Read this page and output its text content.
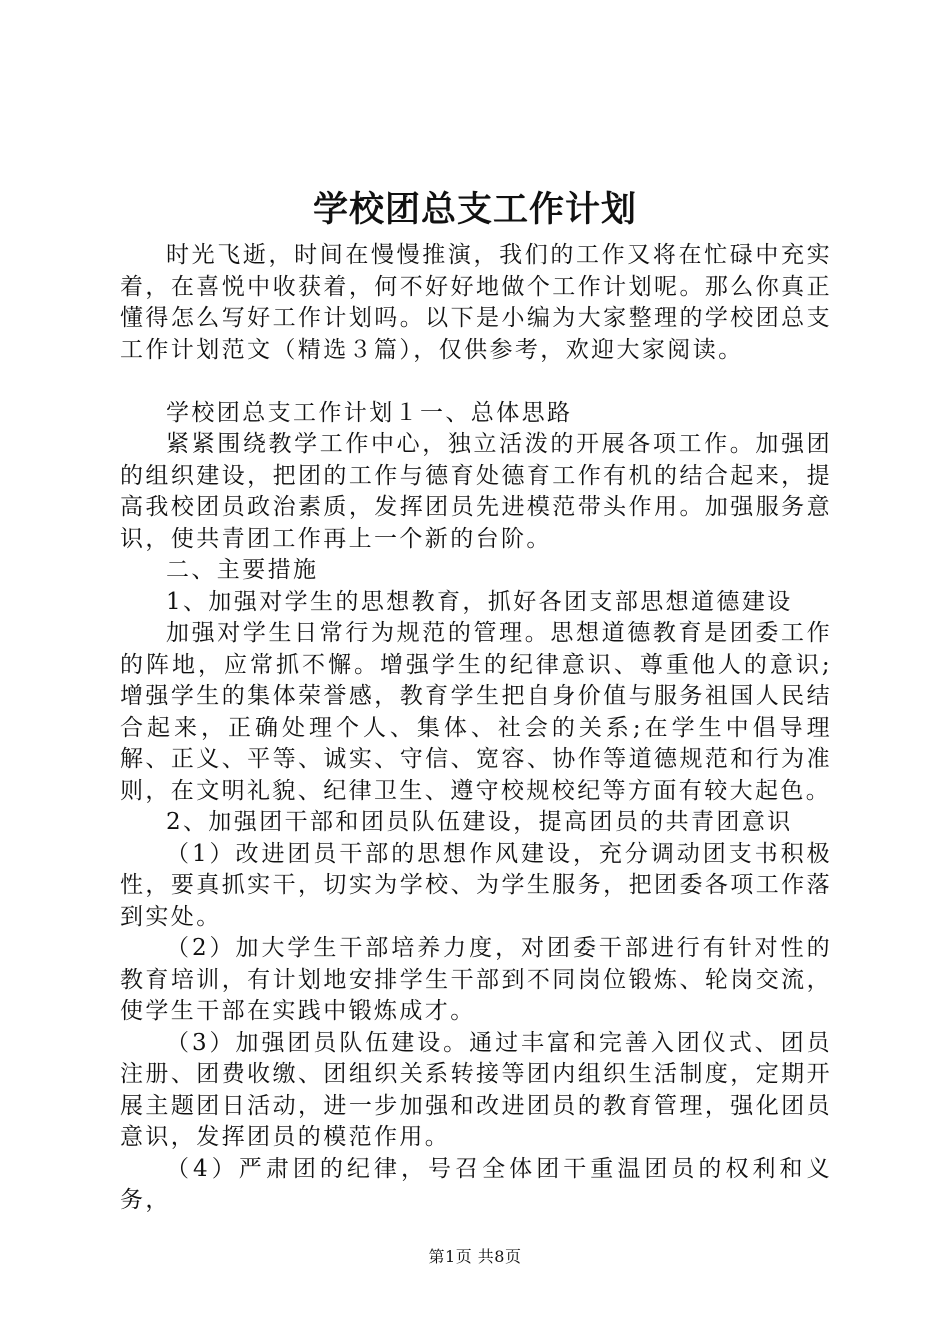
学校团总支工作计划

时光飞逝，时间在慢慢推演，我们的工作又将在忙碌中充实着，在喜悦中收获着，何不好好地做个工作计划呢。那么你真正懂得怎么写好工作计划吗。以下是小编为大家整理的学校团总支工作计划范文（精选３篇），仅供参考，欢迎大家阅读。

学校团总支工作计划１一、总体思路

紧紧围绕教学工作中心，独立活泼的开展各项工作。加强团的组织建设，把团的工作与德育处德育工作有机的结合起来，提高我校团员政治素质，发挥团员先进模范带头作用。加强服务意识，使共青团工作再上一个新的台阶。

二、主要措施

1、加强对学生的思想教育，抓好各团支部思想道德建设

加强对学生日常行为规范的管理。思想道德教育是团委工作的阵地，应常抓不懈。增强学生的纪律意识、尊重他人的意识;增强学生的集体荣誉感，教育学生把自身价值与服务祖国人民结合起来，正确处理个人、集体、社会的关系;在学生中倡导理解、正义、平等、诚实、守信、宽容、协作等道德规范和行为准则，在文明礼貌、纪律卫生、遵守校规校纪等方面有较大起色。

2、加强团干部和团员队伍建设，提高团员的共青团意识

（1）改进团员干部的思想作风建设，充分调动团支书积极性，要真抓实干，切实为学校、为学生服务，把团委各项工作落到实处。

（2）加大学生干部培养力度，对团委干部进行有针对性的教育培训，有计划地安排学生干部到不同岗位锻炼、轮岗交流，使学生干部在实践中锻炼成才。

（3）加强团员队伍建设。通过丰富和完善入团仪式、团员注册、团费收缴、团组织关系转接等团内组织生活制度，定期开展主题团日活动，进一步加强和改进团员的教育管理，强化团员意识，发挥团员的模范作用。

（4）严肃团的纪律，号召全体团干重温团员的权利和义务，

第1页 共8页
